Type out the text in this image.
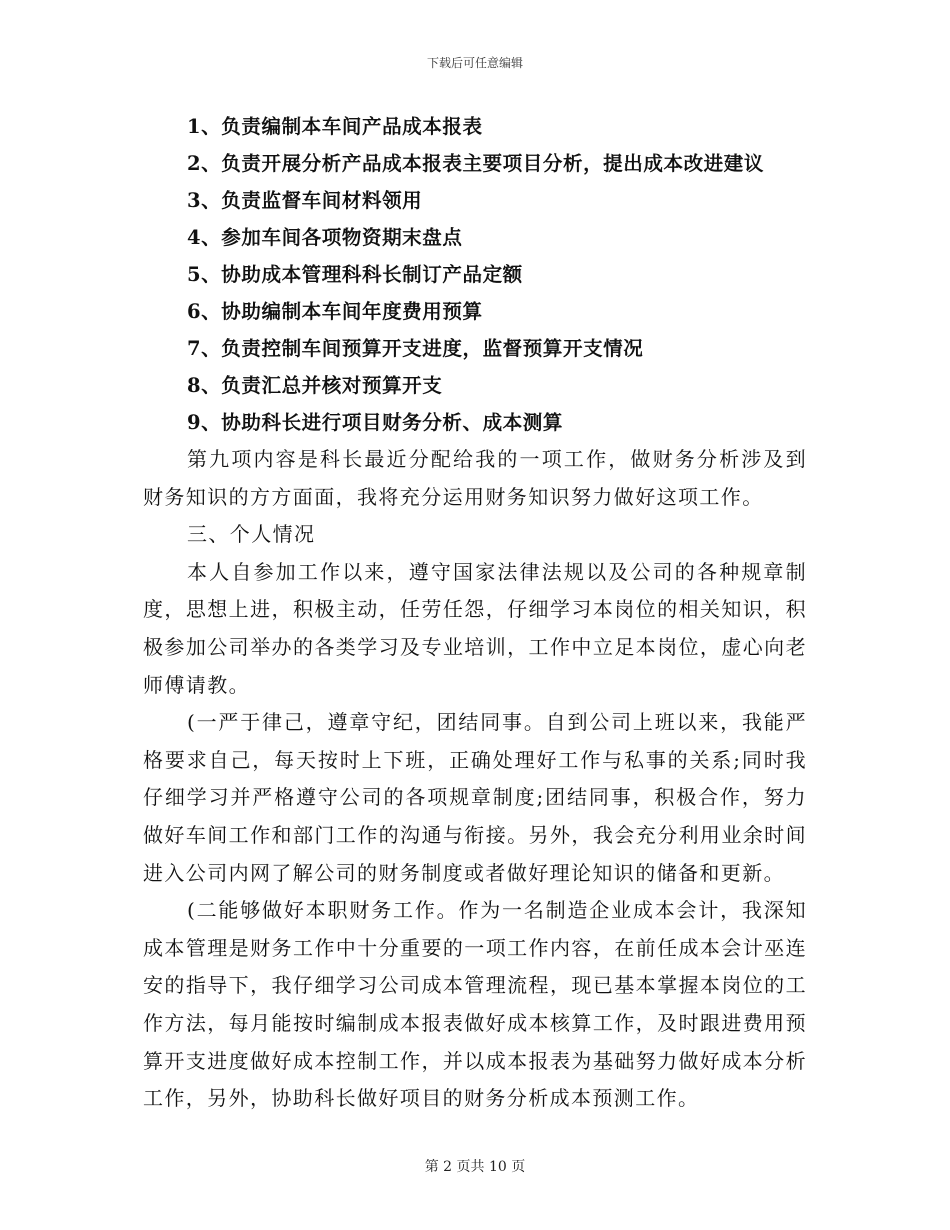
下载后可任意编辑
1、负责编制本车间产品成本报表
2、负责开展分析产品成本报表主要项目分析，提出成本改进建议
3、负责监督车间材料领用
4、参加车间各项物资期末盘点
5、协助成本管理科科长制订产品定额
6、协助编制本车间年度费用预算
7、负责控制车间预算开支进度，监督预算开支情况
8、负责汇总并核对预算开支
9、协助科长进行项目财务分析、成本测算

第九项内容是科长最近分配给我的一项工作，做财务分析涉及到财务知识的方方面面，我将充分运用财务知识努力做好这项工作。

三、个人情况

本人自参加工作以来，遵守国家法律法规以及公司的各种规章制度，思想上进，积极主动，任劳任怨，仔细学习本岗位的相关知识，积极参加公司举办的各类学习及专业培训，工作中立足本岗位，虚心向老师傅请教。

(一严于律己，遵章守纪，团结同事。自到公司上班以来，我能严格要求自己，每天按时上下班，正确处理好工作与私事的关系;同时我仔细学习并严格遵守公司的各项规章制度;团结同事，积极合作，努力做好车间工作和部门工作的沟通与衔接。另外，我会充分利用业余时间进入公司内网了解公司的财务制度或者做好理论知识的储备和更新。

(二能够做好本职财务工作。作为一名制造企业成本会计，我深知成本管理是财务工作中十分重要的一项工作内容，在前任成本会计巫连安的指导下，我仔细学习公司成本管理流程，现已基本掌握本岗位的工作方法，每月能按时编制成本报表做好成本核算工作，及时跟进费用预算开支进度做好成本控制工作，并以成本报表为基础努力做好成本分析工作，另外，协助科长做好项目的财务分析成本预测工作。

第 2 页共 10 页
